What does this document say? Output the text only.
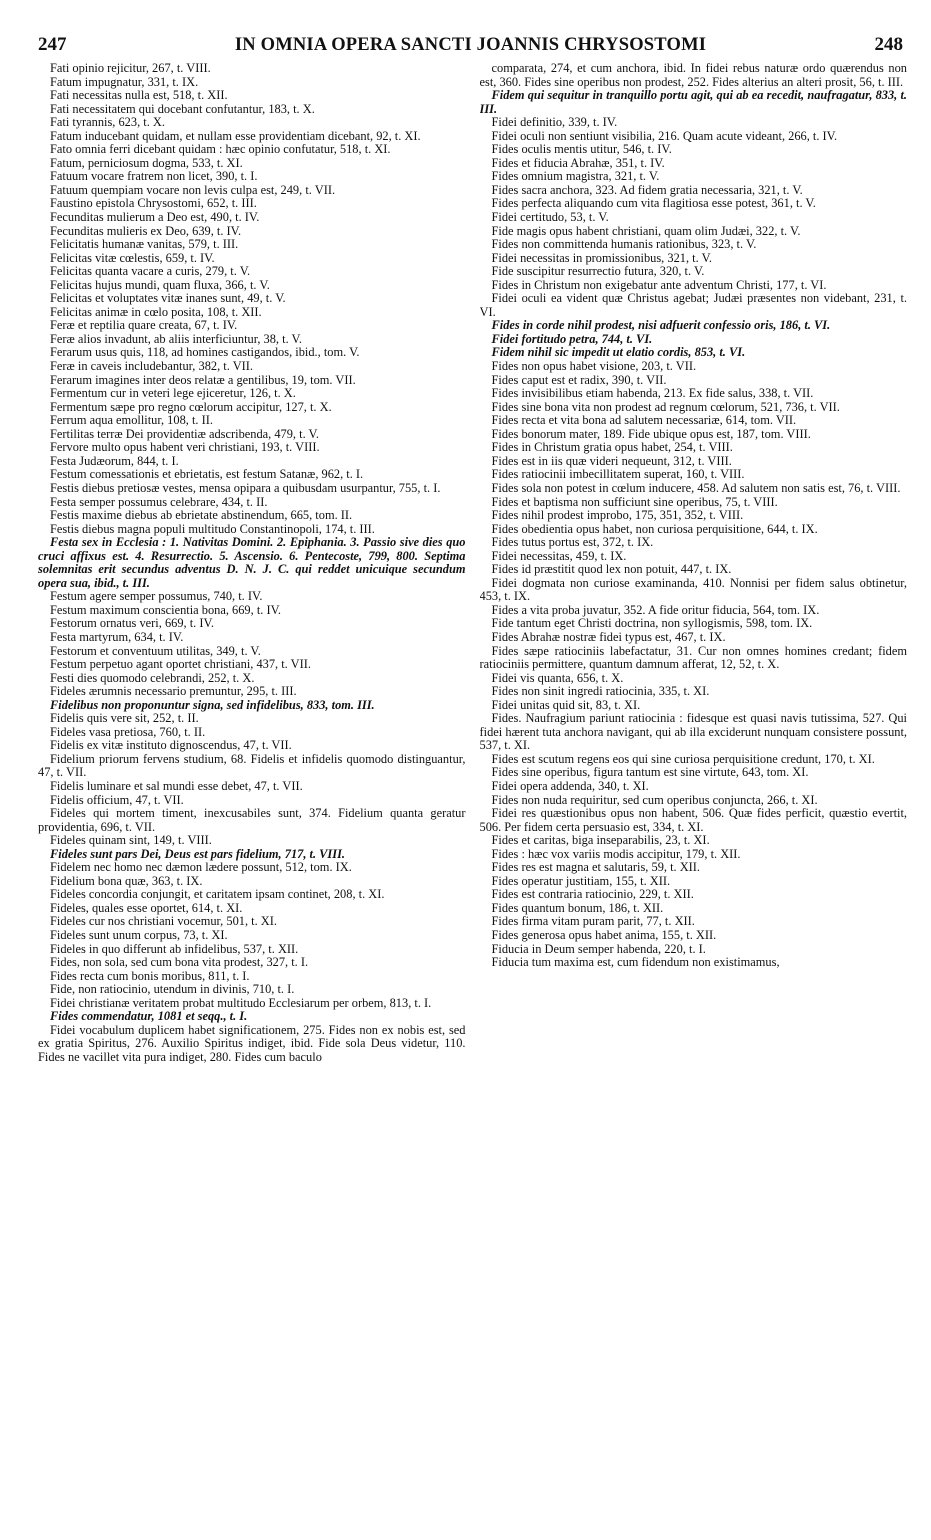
247	IN OMNIA OPERA SANCTI JOANNIS CHRYSOSTOMI	248

Fati opinio rejicitur, 267, t. VIII.

Fatum impugnatur, 331, t. IX.

Fati necessitas nulla est, 518, t. XII.

Fati necessitatem qui docebant confutantur, 183, t. X.

Fati tyrannis, 623, t. X.

Fatum inducebant quidam, et nullam esse providentiam dicebant, 92, t. XI.

Fato omnia ferri dicebant quidam : hæc opinio confutatur, 518, t. XI.

Fatum, perniciosum dogma, 533, t. XI.

Fatuum vocare fratrem non licet, 390, t. I.

Fatuum quempiam vocare non levis culpa est, 249, t. VII.

Faustino epistola Chrysostomi, 652, t. III.

Fecunditas mulierum a Deo est, 490, t. IV.

Fecunditas mulieris ex Deo, 639, t. IV.

Felicitatis humanæ vanitas, 579, t. III.

Felicitas vitæ cœlestis, 659, t. IV.

Felicitas quanta vacare a curis, 279, t. V.

Felicitas hujus mundi, quam fluxa, 366, t. V.

Felicitas et voluptates vitæ inanes sunt, 49, t. V.

Felicitas animæ in cœlo posita, 108, t. XII.

Feræ et reptilia quare creata, 67, t. IV.

Feræ alios invadunt, ab aliis interficiuntur, 38, t. V.

Ferarum usus quis, 118, ad homines castigandos, ibid., tom. V.

Feræ in caveis includebantur, 382, t. VII.

Ferarum imagines inter deos relatæ a gentilibus, 19, tom. VII.

Fermentum cur in veteri lege ejiceretur, 126, t. X.

Fermentum sæpe pro regno cœlorum accipitur, 127, t. X.

Ferrum aqua emollitur, 108, t. II.

Fertilitas terræ Dei providentiæ adscribenda, 479, t. V.

Fervore multo opus habent veri christiani, 193, t. VIII.

Festa Judæorum, 844, t. I.

Festum comessationis et ebrietatis, est festum Satanæ, 962, t. I.

Festis diebus pretiosæ vestes, mensa opipara a quibusdam usurpantur, 755, t. I.

Festa semper possumus celebrare, 434, t. II.

Festis maxime diebus ab ebrietate abstinendum, 665, tom. II.

Festis diebus magna populi multitudo Constantinopoli, 174, t. III.

Festa sex in Ecclesia : 1. Nativitas Domini. 2. Epiphania. 3. Passio sive dies quo cruci affixus est. 4. Resurrectio. 5. Ascensio. 6. Pentecoste, 799, 800. Septima solemnitas erit secundus adventus D. N. J. C. qui reddet unicuique secundum opera sua, ibid., t. III.

Festum agere semper possumus, 740, t. IV.

Festum maximum conscientia bona, 669, t. IV.

Festorum ornatus veri, 669, t. IV.

Festa martyrum, 634, t. IV.

Festorum et conventuum utilitas, 349, t. V.

Festum perpetuo agant oportet christiani, 437, t. VII.

Festi dies quomodo celebrandi, 252, t. X.

Fideles ærumnis necessario premuntur, 295, t. III.

Fidelibus non proponuntur signa, sed infidelibus, 833, tom. III.

Fidelis quis vere sit, 252, t. II.

Fideles vasa pretiosa, 760, t. II.

Fidelis ex vitæ instituto dignoscendus, 47, t. VII.

Fidelium priorum fervens studium, 68. Fidelis et infidelis quomodo distinguantur, 47, t. VII.

Fidelis luminare et sal mundi esse debet, 47, t. VII.

Fidelis officium, 47, t. VII.

Fideles qui mortem timent, inexcusabiles sunt, 374. Fidelium quanta geratur providentia, 696, t. VII.

Fideles quinam sint, 149, t. VIII.

Fideles sunt pars Dei, Deus est pars fidelium, 717, t. VIII.

Fidelem nec homo nec dæmon lædere possunt, 512, tom. IX.

Fidelium bona quæ, 363, t. IX.

Fideles concordia conjungit, et caritatem ipsam continet, 208, t. XI.

Fideles, quales esse oportet, 614, t. XI.

Fideles cur nos christiani vocemur, 501, t. XI.

Fideles sunt unum corpus, 73, t. XI.

Fideles in quo differunt ab infidelibus, 537, t. XII.

Fides, non sola, sed cum bona vita prodest, 327, t. I.

Fides recta cum bonis moribus, 811, t. I.

Fide, non ratiocinio, utendum in divinis, 710, t. I.

Fidei christianæ veritatem probat multitudo Ecclesiarum per orbem, 813, t. I.

Fides commendatur, 1081 et seqq., t. I.

Fidei vocabulum duplicem habet significationem, 275. Fides non ex nobis est, sed ex gratia Spiritus, 276. Auxilio Spiritus indiget, ibid. Fide sola Deus videtur, 110. Fides ne vacillet vita pura indiget, 280. Fides cum baculo

comparata, 274, et cum anchora, ibid. In fidei rebus naturæ ordo quærendus non est, 360. Fides sine operibus non prodest, 252. Fides alterius an alteri prosit, 56, t. III.

Fidem qui sequitur in tranquillo portu agit, qui ab ea recedit, naufragatur, 833, t. III.

Fidei definitio, 339, t. IV.

Fidei oculi non sentiunt visibilia, 216. Quam acute videant, 266, t. IV.

Fides oculis mentis utitur, 546, t. IV.

Fides et fiducia Abrahæ, 351, t. IV.

Fides omnium magistra, 321, t. V.

Fides sacra anchora, 323. Ad fidem gratia necessaria, 321, t. V.

Fides perfecta aliquando cum vita flagitiosa esse potest, 361, t. V.

Fidei certitudo, 53, t. V.

Fide magis opus habent christiani, quam olim Judæi, 322, t. V.

Fides non committenda humanis rationibus, 323, t. V.

Fidei necessitas in promissionibus, 321, t. V.

Fide suscipitur resurrectio futura, 320, t. V.

Fides in Christum non exigebatur ante adventum Christi, 177, t. VI.

Fidei oculi ea vident quæ Christus agebat; Judæi præsentes non videbant, 231, t. VI.

Fides in corde nihil prodest, nisi adfuerit confessio oris, 186, t. VI.

Fidei fortitudo petra, 744, t. VI.

Fidem nihil sic impedit ut elatio cordis, 853, t. VI.

Fides non opus habet visione, 203, t. VII.

Fides caput est et radix, 390, t. VII.

Fides invisibilibus etiam habenda, 213. Ex fide salus, 338, t. VII.

Fides sine bona vita non prodest ad regnum cœlorum, 521, 736, t. VII.

Fides recta et vita bona ad salutem necessariæ, 614, tom. VII.

Fides bonorum mater, 189. Fide ubique opus est, 187, tom. VIII.

Fides in Christum gratia opus habet, 254, t. VIII.

Fides est in iis quæ videri nequeunt, 312, t. VIII.

Fides ratiocinii imbecillitatem superat, 160, t. VIII.

Fides sola non potest in cœlum inducere, 458. Ad salutem non satis est, 76, t. VIII.

Fides et baptisma non sufficiunt sine operibus, 75, t. VIII.

Fides nihil prodest improbo, 175, 351, 352, t. VIII.

Fides obedientia opus habet, non curiosa perquisitione, 644, t. IX.

Fides tutus portus est, 372, t. IX.

Fidei necessitas, 459, t. IX.

Fides id præstitit quod lex non potuit, 447, t. IX.

Fidei dogmata non curiose examinanda, 410. Nonnisi per fidem salus obtinetur, 453, t. IX.

Fides a vita proba juvatur, 352. A fide oritur fiducia, 564, tom. IX.

Fide tantum eget Christi doctrina, non syllogismis, 598, tom. IX.

Fides Abrahæ nostræ fidei typus est, 467, t. IX.

Fides sæpe ratiociniis labefactatur, 31. Cur non omnes homines credant; fidem ratiociniis permittere, quantum damnum afferat, 12, 52, t. X.

Fidei vis quanta, 656, t. X.

Fides non sinit ingredi ratiocinia, 335, t. XI.

Fidei unitas quid sit, 83, t. XI.

Fides. Naufragium pariunt ratiocinia : fidesque est quasi navis tutissima, 527. Qui fidei hærent tuta anchora navigant, qui ab illa exciderunt nunquam consistere possunt, 537, t. XI.

Fides est scutum regens eos qui sine curiosa perquisitione credunt, 170, t. XI.

Fides sine operibus, figura tantum est sine virtute, 643, tom. XI.

Fidei opera addenda, 340, t. XI.

Fides non nuda requiritur, sed cum operibus conjuncta, 266, t. XI.

Fidei res quæstionibus opus non habent, 506. Quæ fides perficit, quæstio evertit, 506. Per fidem certa persuasio est, 334, t. XI.

Fides et caritas, biga inseparabilis, 23, t. XI.

Fides : hæc vox variis modis accipitur, 179, t. XII.

Fides res est magna et salutaris, 59, t. XII.

Fides operatur justitiam, 155, t. XII.

Fides est contraria ratiocinio, 229, t. XII.

Fides quantum bonum, 186, t. XII.

Fides firma vitam puram parit, 77, t. XII.

Fides generosa opus habet anima, 155, t. XII.

Fiducia in Deum semper habenda, 220, t. I.

Fiducia tum maxima est, cum fidendum non existimamus,
